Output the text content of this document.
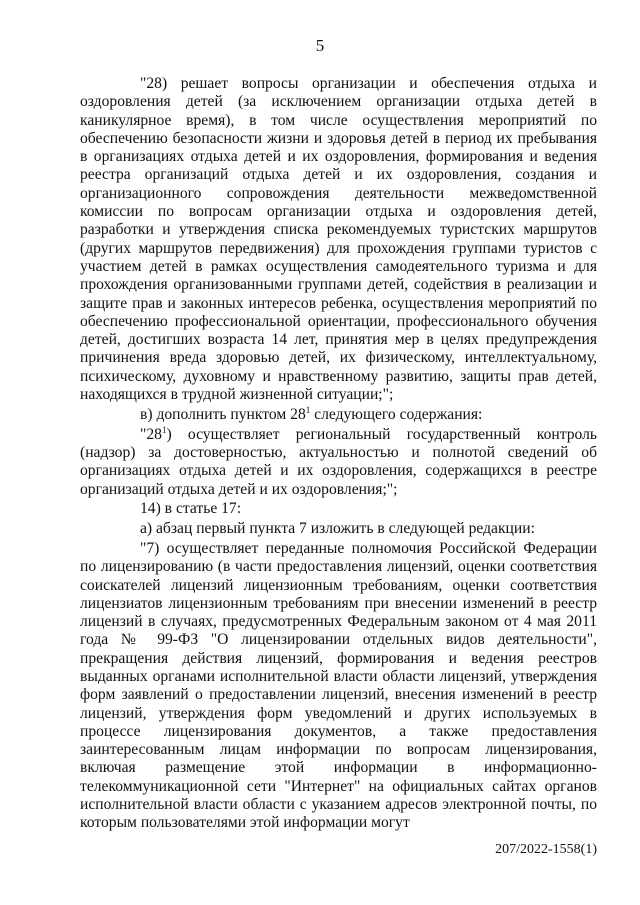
5

"28) решает вопросы организации и обеспечения отдыха и оздоровления детей (за исключением организации отдыха детей в каникулярное время), в том числе осуществления мероприятий по обеспечению безопасности жизни и здоровья детей в период их пребывания в организациях отдыха детей и их оздоровления, формирования и ведения реестра организаций отдыха детей и их оздоровления, создания и организационного сопровождения деятельности межведомственной комиссии по вопросам организации отдыха и оздоровления детей, разработки и утверждения списка рекомендуемых туристских маршрутов (других маршрутов передвижения) для прохождения группами туристов с участием детей в рамках осуществления самодеятельного туризма и для прохождения организованными группами детей, содействия в реализации и защите прав и законных интересов ребенка, осуществления мероприятий по обеспечению профессиональной ориентации, профессионального обучения детей, достигших возраста 14 лет, принятия мер в целях предупреждения причинения вреда здоровью детей, их физическому, интеллектуальному, психическому, духовному и нравственному развитию, защиты прав детей, находящихся в трудной жизненной ситуации;";

в) дополнить пунктом $28^1$ следующего содержания:

"$28^1$) осуществляет региональный государственный контроль (надзор) за достоверностью, актуальностью и полнотой сведений об организациях отдыха детей и их оздоровления, содержащихся в реестре организаций отдыха детей и их оздоровления;";

14) в статье 17:

а) абзац первый пункта 7 изложить в следующей редакции:

"7) осуществляет переданные полномочия Российской Федерации по лицензированию (в части предоставления лицензий, оценки соответствия соискателей лицензий лицензионным требованиям, оценки соответствия лицензиатов лицензионным требованиям при внесении изменений в реестр лицензий в случаях, предусмотренных Федеральным законом от 4 мая 2011 года № 99-ФЗ "О лицензировании отдельных видов деятельности", прекращения действия лицензий, формирования и ведения реестров выданных органами исполнительной власти области лицензий, утверждения форм заявлений о предоставлении лицензий, внесения изменений в реестр лицензий, утверждения форм уведомлений и других используемых в процессе лицензирования документов, а также предоставления заинтересованным лицам информации по вопросам лицензирования, включая размещение этой информации в информационно-телекоммуникационной сети "Интернет" на официальных сайтах органов исполнительной власти области с указанием адресов электронной почты, по которым пользователями этой информации могут

207/2022-1558(1)
